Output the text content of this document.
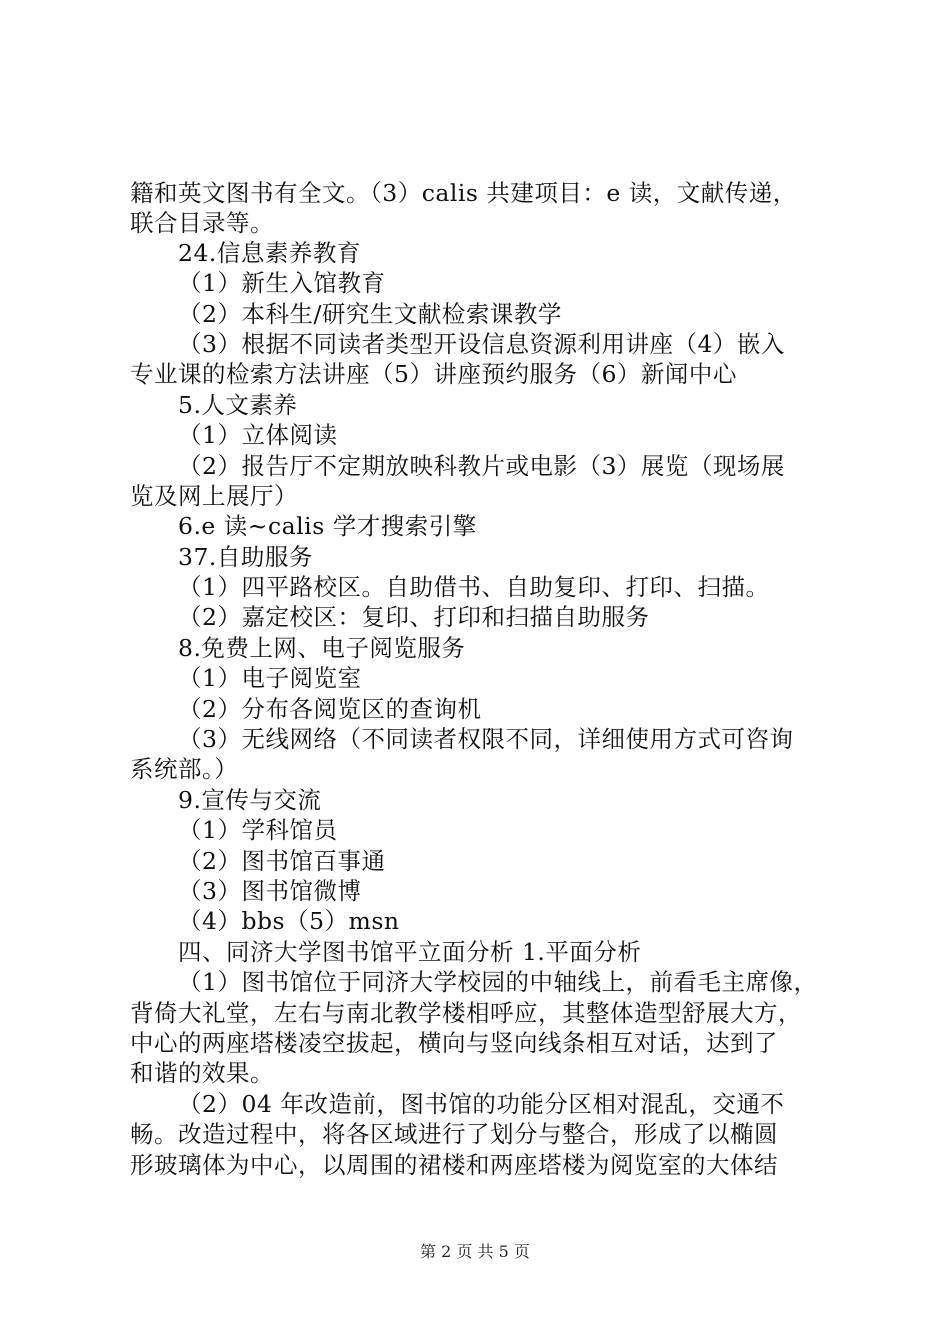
籍和英文图书有全文。（3）calis 共建项目：e 读，文献传递，
联合目录等。
24.信息素养教育
（1）新生入馆教育
（2）本科生/研究生文献检索课教学
（3）根据不同读者类型开设信息资源利用讲座（4）嵌入
专业课的检索方法讲座（5）讲座预约服务（6）新闻中心
5.人文素养
（1）立体阅读
（2）报告厅不定期放映科教片或电影（3）展览（现场展
览及网上展厅）
6.e 读~calis 学才搜索引擎
37.自助服务
（1）四平路校区。自助借书、自助复印、打印、扫描。
（2）嘉定校区：复印、打印和扫描自助服务
8.免费上网、电子阅览服务
（1）电子阅览室
（2）分布各阅览区的查询机
（3）无线网络（不同读者权限不同，详细使用方式可咨询
系统部。）
9.宣传与交流
（1）学科馆员
（2）图书馆百事通
（3）图书馆微博
（4）bbs（5）msn
四、同济大学图书馆平立面分析 1.平面分析
（1）图书馆位于同济大学校园的中轴线上，前看毛主席像，
背倚大礼堂，左右与南北教学楼相呼应，其整体造型舒展大方，
中心的两座塔楼凌空拔起，横向与竖向线条相互对话，达到了
和谐的效果。
（2）04 年改造前，图书馆的功能分区相对混乱，交通不
畅。改造过程中，将各区域进行了划分与整合，形成了以椭圆
形玻璃体为中心，以周围的裙楼和两座塔楼为阅览室的大体结
第 2 页 共 5 页
